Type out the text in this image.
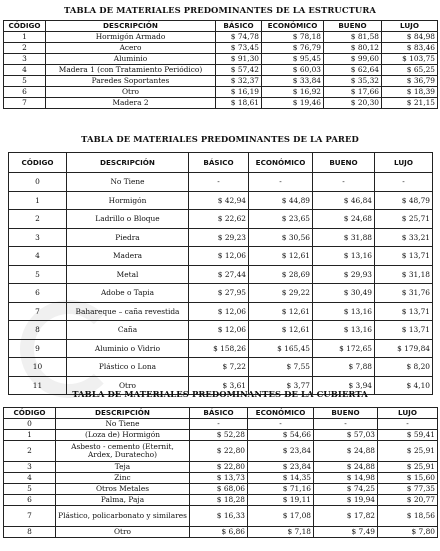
TABLA DE MATERIALES PREDOMINANTES DE LA ESTRUCTURA
CÓDIGO	DESCRIPCIÓN	BÁSICO	ECONÓMICO	BUENO	LUJO
1	Hormigón Armado	$ 74,78	$ 78,18	$ 81,58	$ 84,98
2	Acero	$ 73,45	$ 76,79	$ 80,12	$ 83,46
3	Aluminio	$ 91,30	$ 95,45	$ 99,60	$ 103,75
4	Madera 1 (con Tratamiento Periódico)	$ 57,42	$ 60,03	$ 62,64	$ 65,25
5	Paredes Soportantes	$ 32,37	$ 33,84	$ 35,32	$ 36,79
6	Otro	$ 16,19	$ 16,92	$ 17,66	$ 18,39
7	Madera 2	$ 18,61	$ 19,46	$ 20,30	$ 21,15
TABLA DE MATERIALES PREDOMINANTES DE LA PARED
CÓDIGO	DESCRIPCIÓN	BÁSICO	ECONÓMICO	BUENO	LUJO
0	No Tiene	-	-	-	-
1	Hormigón	$ 42,94	$ 44,89	$ 46,84	$ 48,79
2	Ladrillo o Bloque	$ 22,62	$ 23,65	$ 24,68	$ 25,71
3	Piedra	$ 29,23	$ 30,56	$ 31,88	$ 33,21
4	Madera	$ 12,06	$ 12,61	$ 13,16	$ 13,71
5	Metal	$ 27,44	$ 28,69	$ 29,93	$ 31,18
6	Adobe o Tapia	$ 27,95	$ 29,22	$ 30,49	$ 31,76
7	Bahareque – caña revestida	$ 12,06	$ 12,61	$ 13,16	$ 13,71
8	Caña	$ 12,06	$ 12,61	$ 13,16	$ 13,71
9	Aluminio o Vidrio	$ 158,26	$ 165,45	$ 172,65	$ 179,84
10	Plástico o Lona	$ 7,22	$ 7,55	$ 7,88	$ 8,20
11	Otro	$ 3,61	$ 3,77	$ 3,94	$ 4,10
TABLA DE MATERIALES PREDOMINANTES DE LA CUBIERTA
CÓDIGO	DESCRIPCIÓN	BÁSICO	ECONÓMICO	BUENO	LUJO
0	No Tiene	-	-	-	-
1	(Loza de) Hormigón	$ 52,28	$ 54,66	$ 57,03	$ 59,41
2	Asbesto - cemento (Eternit, Ardex, Duratecho)	$ 22,80	$ 23,84	$ 24,88	$ 25,91
3	Teja	$ 22,80	$ 23,84	$ 24,88	$ 25,91
4	Zinc	$ 13,73	$ 14,35	$ 14,98	$ 15,60
5	Otros Metales	$ 68,06	$ 71,16	$ 74,25	$ 77,35
6	Palma, Paja	$ 18,28	$ 19,11	$ 19,94	$ 20,77
7	Plástico, policarbonato y similares	$ 16,33	$ 17,08	$ 17,82	$ 18,56
8	Otro	$ 6,86	$ 7,18	$ 7,49	$ 7,80
